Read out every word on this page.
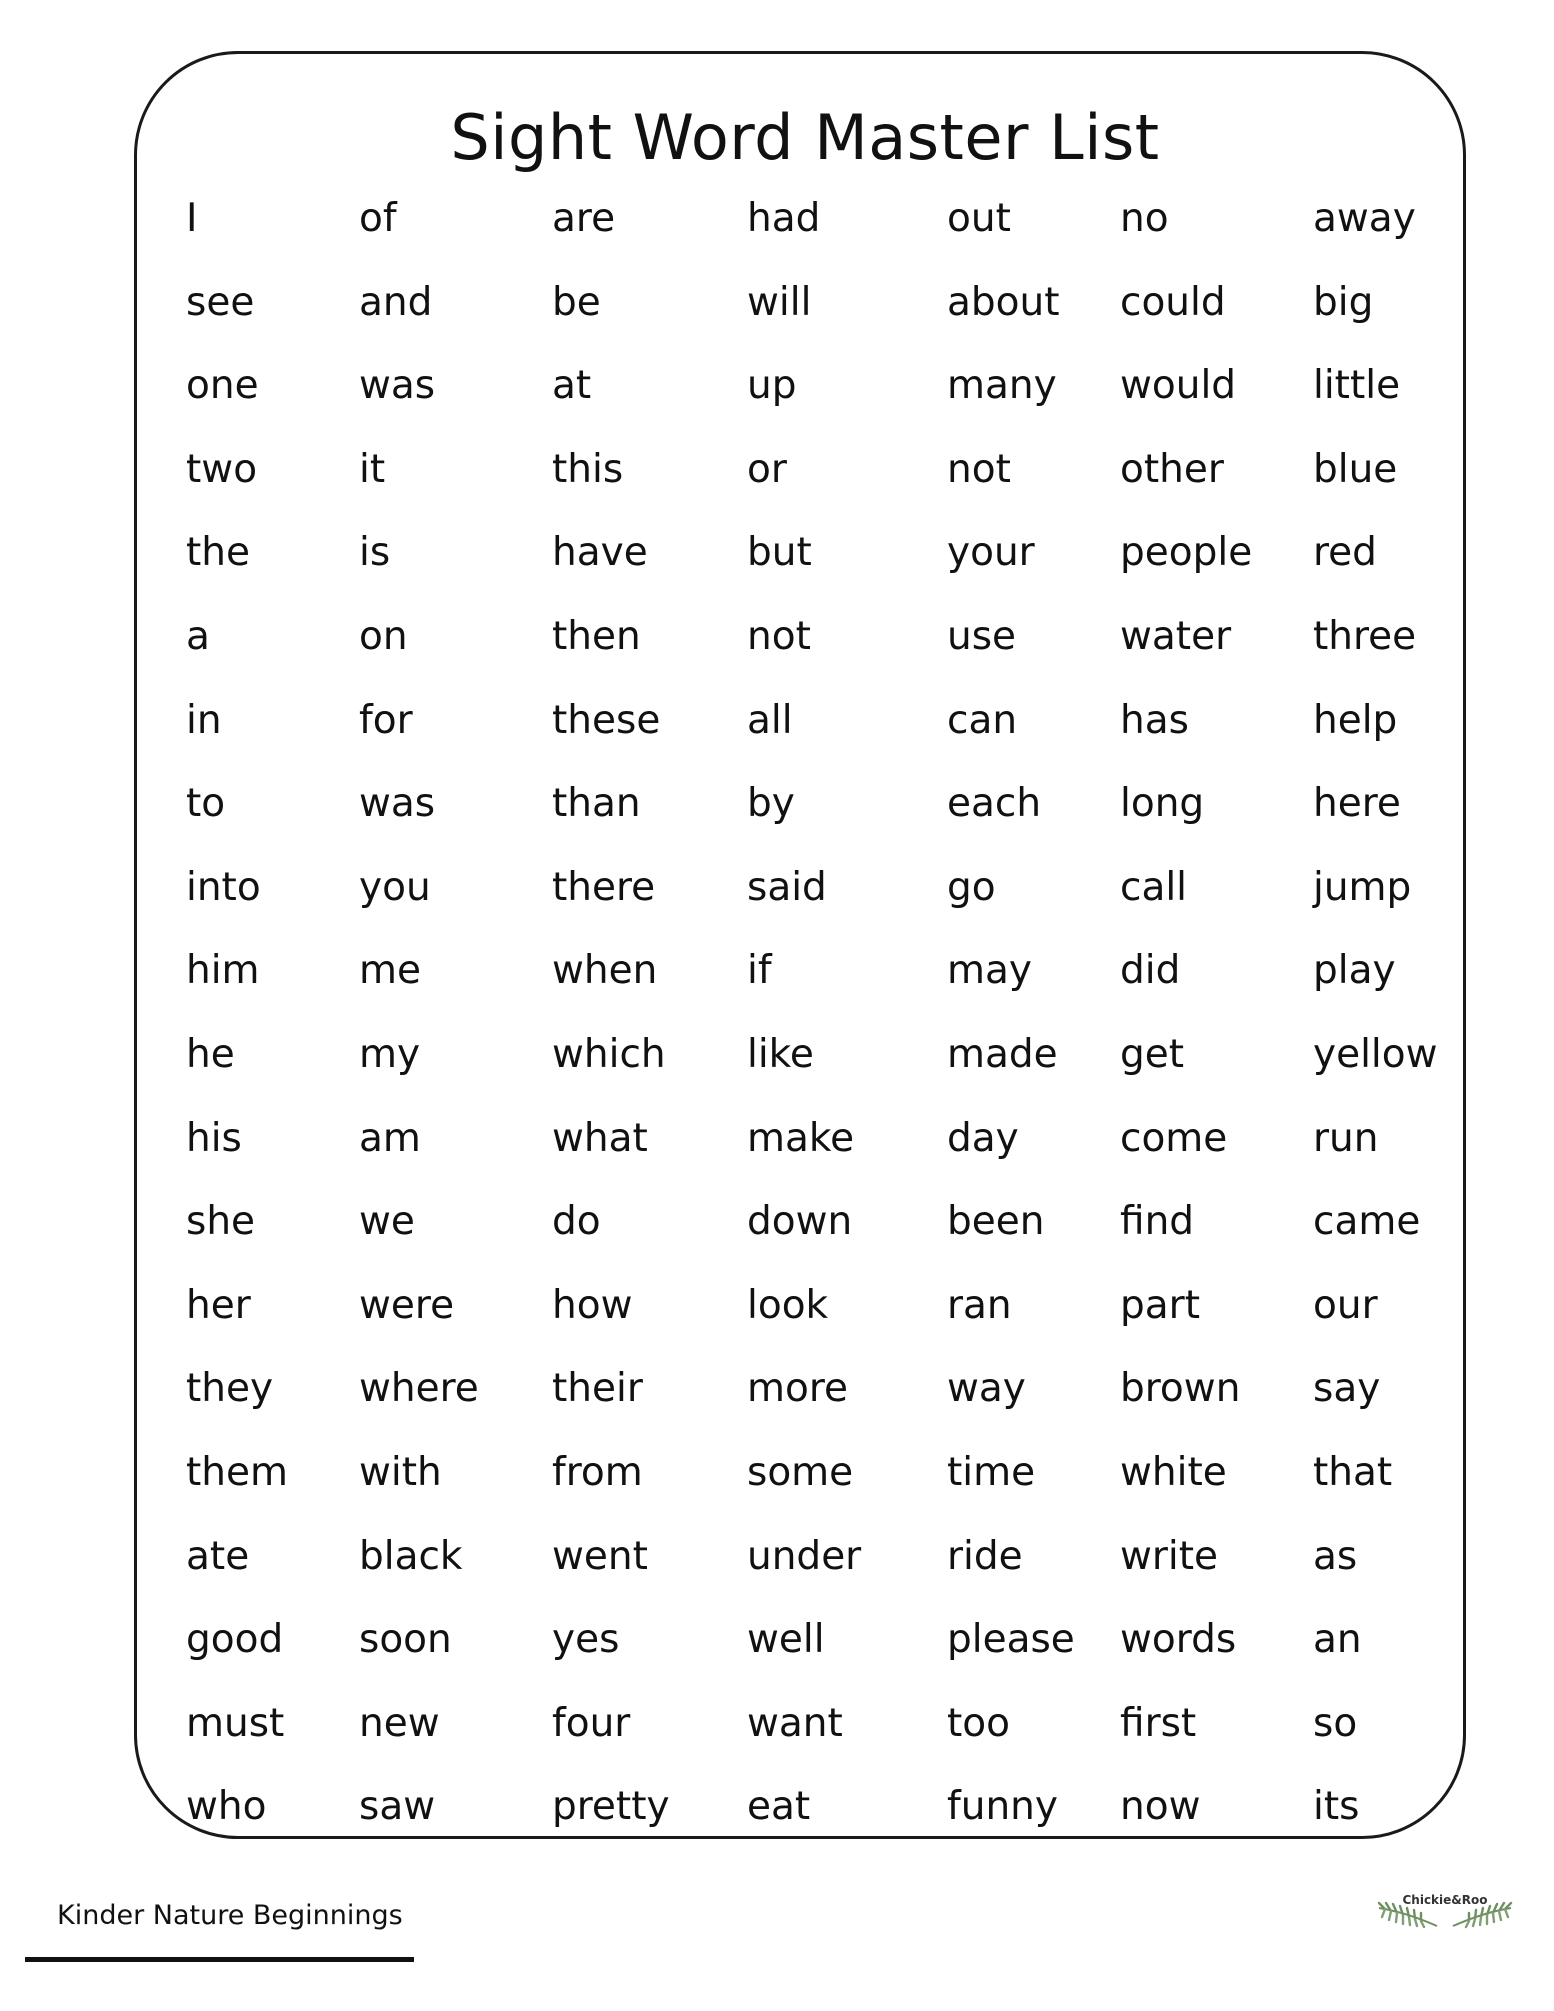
Sight Word Master List
I
see
one
two
the
a
in
to
into
him
he
his
she
her
they
them
ate
good
must
who
of
and
was
it
is
on
for
was
you
me
my
am
we
were
where
with
black
soon
new
saw
are
be
at
this
have
then
these
than
there
when
which
what
do
how
their
from
went
yes
four
pretty
had
will
up
or
but
not
all
by
said
if
like
make
down
look
more
some
under
well
want
eat
out
about
many
not
your
use
can
each
go
may
made
day
been
ran
way
time
ride
please
too
funny
no
could
would
other
people
water
has
long
call
did
get
come
find
part
brown
white
write
words
first
now
away
big
little
blue
red
three
help
here
jump
play
yellow
run
came
our
say
that
as
an
so
its
Kinder Nature Beginnings	Chickie&Roo
